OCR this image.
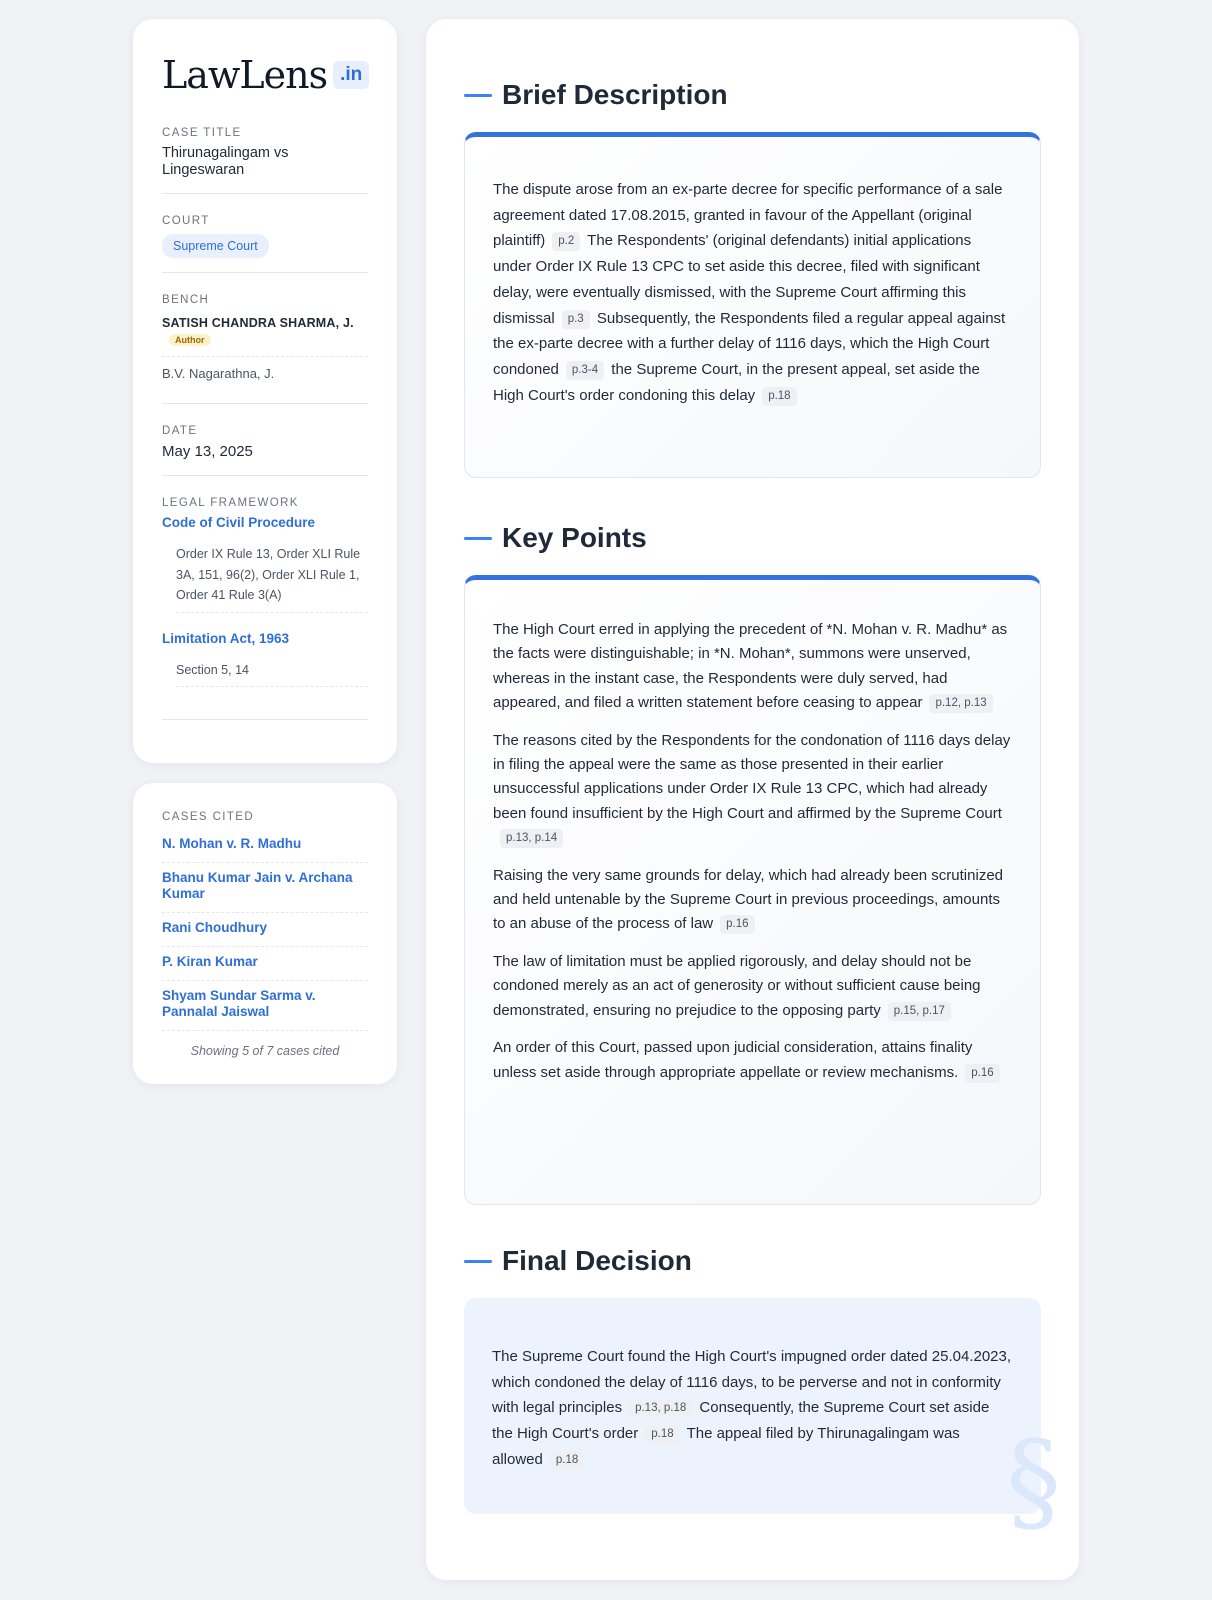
LawLens .in
CASE TITLE
Thirunagalingam vs Lingeswaran
COURT
Supreme Court
BENCH
SATISH CHANDRA SHARMA, J.
Author
B.V. Nagarathna, J.
DATE
May 13, 2025
LEGAL FRAMEWORK
Code of Civil Procedure
Order IX Rule 13, Order XLI Rule 3A, 151, 96(2), Order XLI Rule 1, Order 41 Rule 3(A)
Limitation Act, 1963
Section 5, 14
CASES CITED
N. Mohan v. R. Madhu
Bhanu Kumar Jain v. Archana Kumar
Rani Choudhury
P. Kiran Kumar
Shyam Sundar Sarma v. Pannalal Jaiswal
Showing 5 of 7 cases cited
Brief Description

The dispute arose from an ex-parte decree for specific performance of a sale agreement dated 17.08.2015, granted in favour of the Appellant (original plaintiff) p.2 The Respondents' (original defendants) initial applications under Order IX Rule 13 CPC to set aside this decree, filed with significant delay, were eventually dismissed, with the Supreme Court affirming this dismissal p.3 Subsequently, the Respondents filed a regular appeal against the ex-parte decree with a further delay of 1116 days, which the High Court condoned p.3-4 the Supreme Court, in the present appeal, set aside the High Court's order condoning this delay p.18

Key Points

The High Court erred in applying the precedent of *N. Mohan v. R. Madhu* as the facts were distinguishable; in *N. Mohan*, summons were unserved, whereas in the instant case, the Respondents were duly served, had appeared, and filed a written statement before ceasing to appear p.12, p.13

The reasons cited by the Respondents for the condonation of 1116 days delay in filing the appeal were the same as those presented in their earlier unsuccessful applications under Order IX Rule 13 CPC, which had already been found insufficient by the High Court and affirmed by the Supreme Courtp.13, p.14

Raising the very same grounds for delay, which had already been scrutinized and held untenable by the Supreme Court in previous proceedings, amounts to an abuse of the process of law p.16

The law of limitation must be applied rigorously, and delay should not be condoned merely as an act of generosity or without sufficient cause being demonstrated, ensuring no prejudice to the opposing party p.15, p.17

An order of this Court, passed upon judicial consideration, attains finality unless set aside through appropriate appellate or review mechanisms. p.16

Final Decision

The Supreme Court found the High Court's impugned order dated 25.04.2023, which condoned the delay of 1116 days, to be perverse and not in conformity with legal principles p.13, p.18 Consequently, the Supreme Court set aside the High Court's order p.18 The appeal filed by Thirunagalingam was allowed p.18	§
